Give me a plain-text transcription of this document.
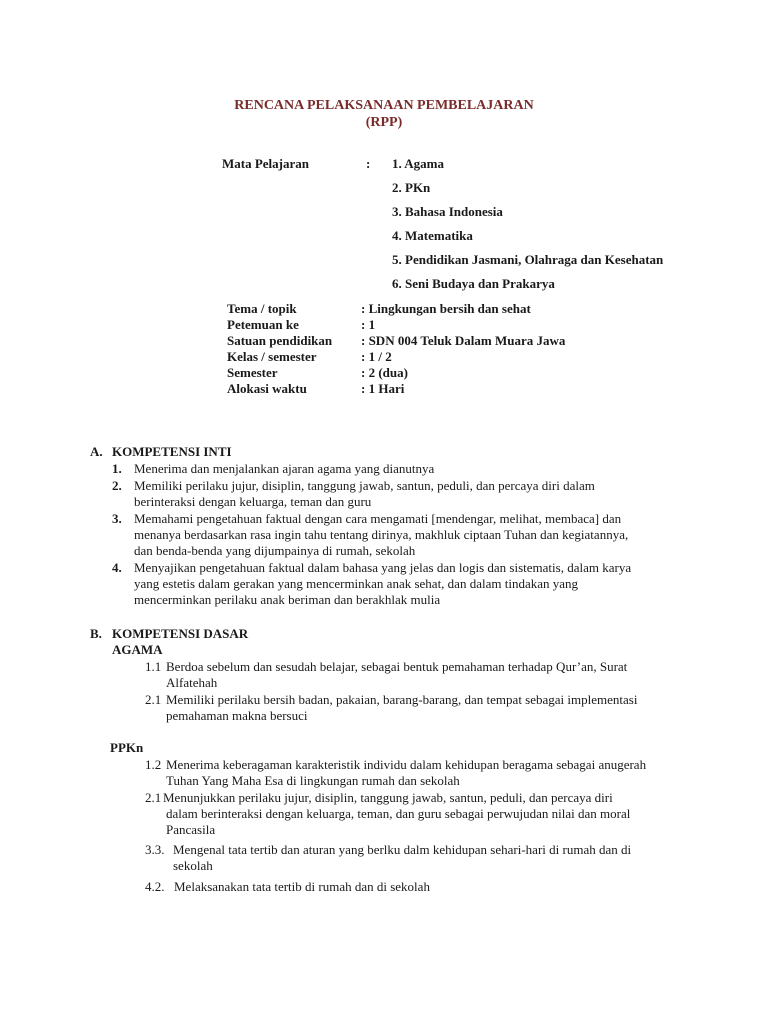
RENCANA PELAKSANAAN PEMBELAJARAN
(RPP)
Mata Pelajaran	: 1. Agama
2. PKn
3. Bahasa Indonesia
4. Matematika
5. Pendidikan Jasmani, Olahraga dan Kesehatan
6. Seni Budaya dan Prakarya
Tema / topik	: Lingkungan bersih dan sehat
Petemuan ke	: 1
Satuan pendidikan : SDN 004 Teluk Dalam Muara Jawa
Kelas / semester	: 1 / 2
Semester	: 2 (dua)
Alokasi waktu	: 1 Hari
A. KOMPETENSI INTI
1. Menerima dan menjalankan ajaran agama yang dianutnya
2. Memiliki perilaku jujur, disiplin, tanggung jawab, santun, peduli, dan percaya diri dalam
berinteraksi dengan keluarga, teman dan guru
3. Memahami pengetahuan faktual dengan cara mengamati [mendengar, melihat, membaca] dan
menanya berdasarkan rasa ingin tahu tentang dirinya, makhluk ciptaan Tuhan dan kegiatannya,
dan benda-benda yang dijumpainya di rumah, sekolah
4. Menyajikan pengetahuan faktual dalam bahasa yang jelas dan logis dan sistematis, dalam karya
yang estetis dalam gerakan yang mencerminkan anak sehat, dan dalam tindakan yang
mencerminkan perilaku anak beriman dan berakhlak mulia
B. KOMPETENSI DASAR
AGAMA
1.1 Berdoa sebelum dan sesudah belajar, sebagai bentuk pemahaman terhadap Qur’an, Surat
Alfatehah
2.1 Memiliki perilaku bersih badan, pakaian, barang-barang, dan tempat sebagai implementasi
pemahaman makna bersuci
PPKn
1.2 Menerima keberagaman karakteristik individu dalam kehidupan beragama sebagai anugerah
Tuhan Yang Maha Esa di lingkungan rumah dan sekolah
2.1 Menunjukkan perilaku jujur, disiplin, tanggung jawab, santun, peduli, dan percaya diri
dalam berinteraksi dengan keluarga, teman, dan guru sebagai perwujudan nilai dan moral
Pancasila
3.3. Mengenal tata tertib dan aturan yang berlku dalm kehidupan sehari-hari di rumah dan di
sekolah
4.2. Melaksanakan tata tertib di rumah dan di sekolah
